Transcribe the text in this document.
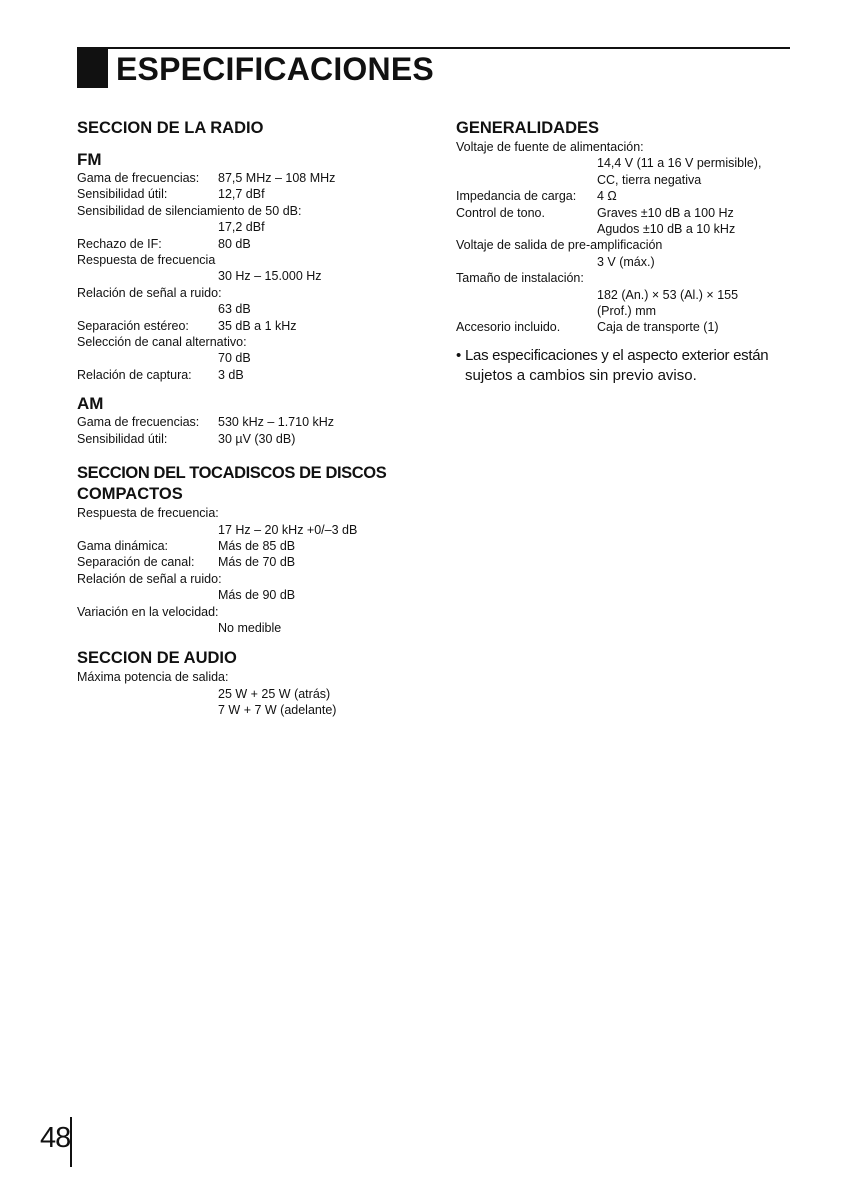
ESPECIFICACIONES
SECCION DE LA RADIO
FM
Gama de frecuencias:	87,5 MHz – 108 MHz
Sensibilidad útil:	12,7 dBf
Sensibilidad de silenciamiento de 50 dB:
17,2 dBf
Rechazo de IF:	80 dB
Respuesta de frecuencia
30 Hz – 15.000 Hz
Relación de señal a ruido:
63 dB
Separación estéreo:	35 dB a 1 kHz
Selección de canal alternativo:
70 dB
Relación de captura:	3 dB
AM
Gama de frecuencias:	530 kHz – 1.710 kHz
Sensibilidad útil:	30 µV (30 dB)
SECCION DEL TOCADISCOS DE DISCOS
COMPACTOS
Respuesta de frecuencia:
17 Hz – 20 kHz +0/–3 dB
Gama dinámica:	Más de 85 dB
Separación de canal:	Más de 70 dB
Relación de señal a ruido:
Más de 90 dB
Variación en la velocidad:
No medible
SECCION DE AUDIO
Máxima potencia de salida:
25 W + 25 W (atrás)
7 W + 7 W (adelante)
GENERALIDADES
Voltaje de fuente de alimentación:
14,4 V (11 a 16 V permisible),
CC, tierra negativa
Impedancia de carga:	4 Ω
Control de tono.	Graves ±10 dB a 100 Hz
Agudos ±10 dB a 10 kHz
Voltaje de salida de pre-amplificación
3 V (máx.)
Tamaño de instalación:
182 (An.) × 53 (Al.) × 155
(Prof.) mm
Accesorio incluido.	Caja de transporte (1)
• Las especificaciones y el aspecto exterior están
sujetos a cambios sin previo aviso.
48
